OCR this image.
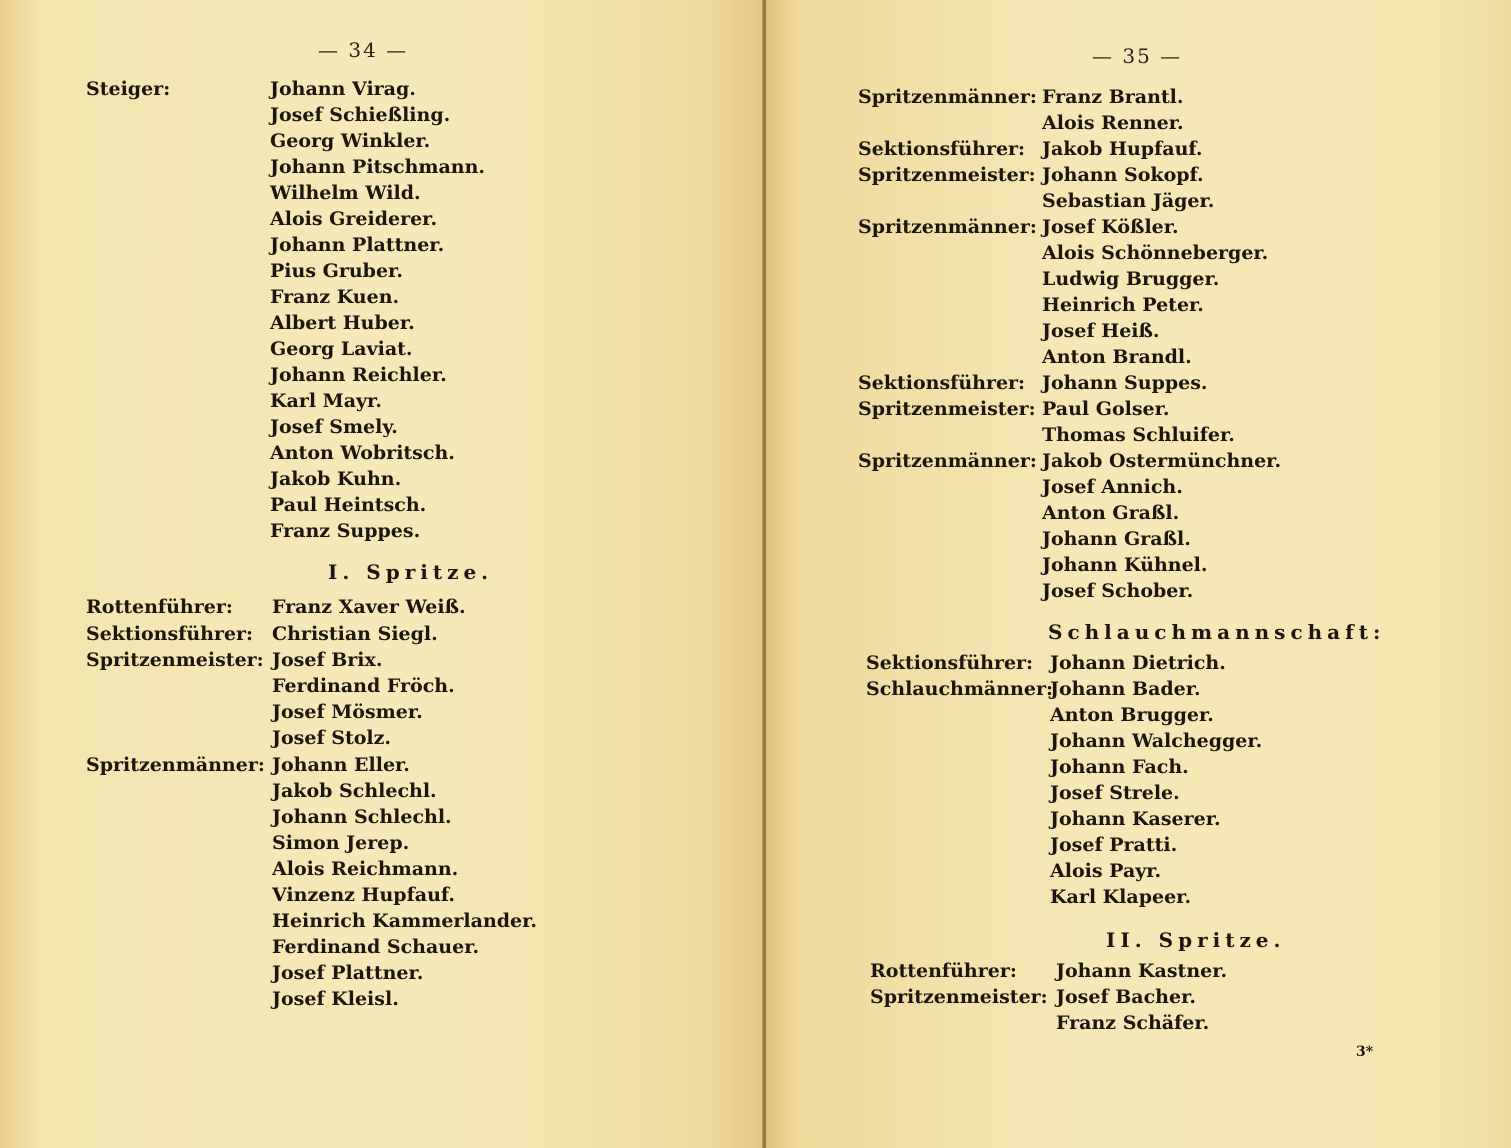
— 34 —
Steiger:	Johann Virag.
Josef Schießling.
Georg Winkler.
Johann Pitschmann.
Wilhelm Wild.
Alois Greiderer.
Johann Plattner.
Pius Gruber.
Franz Kuen.
Albert Huber.
Georg Laviat.
Johann Reichler.
Karl Mayr.
Josef Smely.
Anton Wobritsch.
Jakob Kuhn.
Paul Heintsch.
Franz Suppes.
I. Spritze.
Rottenführer: Franz Xaver Weiß.
Sektionsführer: Christian Siegl.
Spritzenmeister: Josef Brix.
Ferdinand Fröch.
Josef Mösmer.
Josef Stolz.
Spritzenmänner: Johann Eller.
Jakob Schlechl.
Johann Schlechl.
Simon Jerep.
Alois Reichmann.
Vinzenz Hupfauf.
Heinrich Kammerlander.
Ferdinand Schauer.
Josef Plattner.
Josef Kleisl.
— 35 —
Spritzenmänner: Franz Brantl.
Alois Renner.
Sektionsführer: Jakob Hupfauf.
Spritzenmeister: Johann Sokopf.
Sebastian Jäger.
Spritzenmänner: Josef Kößler.
Alois Schönneberger.
Ludwig Brugger.
Heinrich Peter.
Josef Heiß.
Anton Brandl.
Sektionsführer: Johann Suppes.
Spritzenmeister: Paul Golser.
Thomas Schluifer.
Spritzenmänner: Jakob Ostermünchner.
Josef Annich.
Anton Graßl.
Johann Graßl.
Johann Kühnel.
Josef Schober.
Schlauchmannschaft:
Sektionsführer: Johann Dietrich.
Schlauchmänner:
Johann Bader.
Anton Brugger.
Johann Walchegger.
Johann Fach.
Josef Strele.
Johann Kaserer.
Josef Pratti.
Alois Payr.
Karl Klapeer.
II. Spritze.
Rottenführer: Johann Kastner.
Spritzenmeister: Josef Bacher.
Franz Schäfer.
3*
